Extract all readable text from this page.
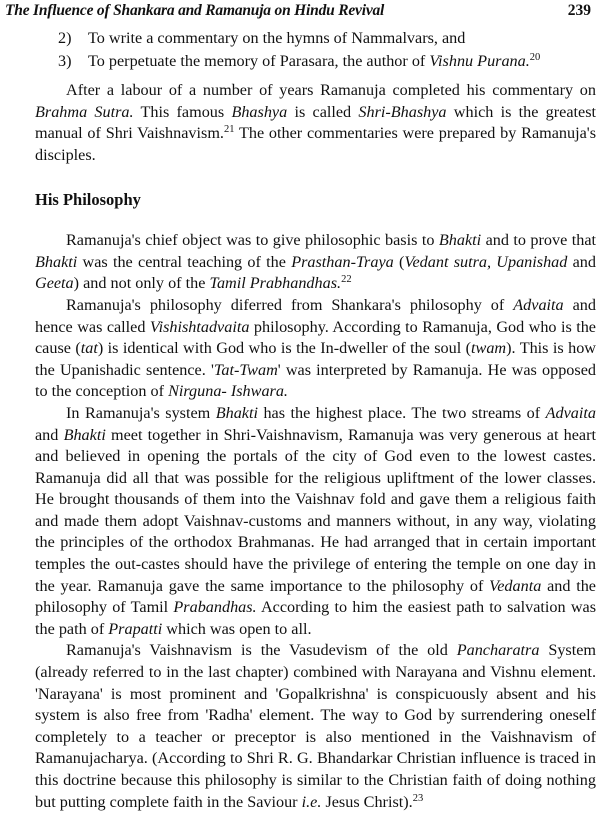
The Influence of Shankara and Ramanuja on Hindu Revival	239
2) To write a commentary on the hymns of Nammalvars, and
3) To perpetuate the memory of Parasara, the author of Vishnu Purana.$^{20}$

After a labour of a number of years Ramanuja completed his commentary on Brahma Sutra. This famous Bhashya is called Shri-Bhashya which is the greatest manual of Shri Vaishnavism.$^{21}$ The other commentaries were prepared by Ramanuja's disciples.

His Philosophy

Ramanuja's chief object was to give philosophic basis to Bhakti and to prove that Bhakti was the central teaching of the Prasthan-Traya (Vedant sutra, Upanishad and Geeta) and not only of the Tamil Prabhandhas.$^{22}$

Ramanuja's philosophy diferred from Shankara's philosophy of Advaita and hence was called Vishishtadvaita philosophy. According to Ramanuja, God who is the cause (tat) is identical with God who is the In-dweller of the soul (twam). This is how the Upanishadic sentence. 'Tat-Twam' was interpreted by Ramanuja. He was opposed to the conception of Nirguna- Ishwara.

In Ramanuja's system Bhakti has the highest place. The two streams of Advaita and Bhakti meet together in Shri-Vaishnavism, Ramanuja was very generous at heart and believed in opening the portals of the city of God even to the lowest castes. Ramanuja did all that was possible for the religious upliftment of the lower classes. He brought thousands of them into the Vaishnav fold and gave them a religious faith and made them adopt Vaishnav-customs and manners without, in any way, violating the principles of the orthodox Brahmanas. He had arranged that in certain important temples the out-castes should have the privilege of entering the temple on one day in the year. Ramanuja gave the same importance to the philosophy of Vedanta and the philosophy of Tamil Prabandhas. According to him the easiest path to salvation was the path of Prapatti which was open to all.

Ramanuja's Vaishnavism is the Vasudevism of the old Pancharatra System (already referred to in the last chapter) combined with Narayana and Vishnu element. 'Narayana' is most prominent and 'Gopalkrishna' is conspicuously absent and his system is also free from 'Radha' element. The way to God by surrendering oneself completely to a teacher or preceptor is also mentioned in the Vaishnavism of Ramanujacharya. (According to Shri R. G. Bhandarkar Christian influence is traced in this doctrine because this philosophy is similar to the Christian faith of doing nothing but putting complete faith in the Saviour i.e. Jesus Christ).$^{23}$
